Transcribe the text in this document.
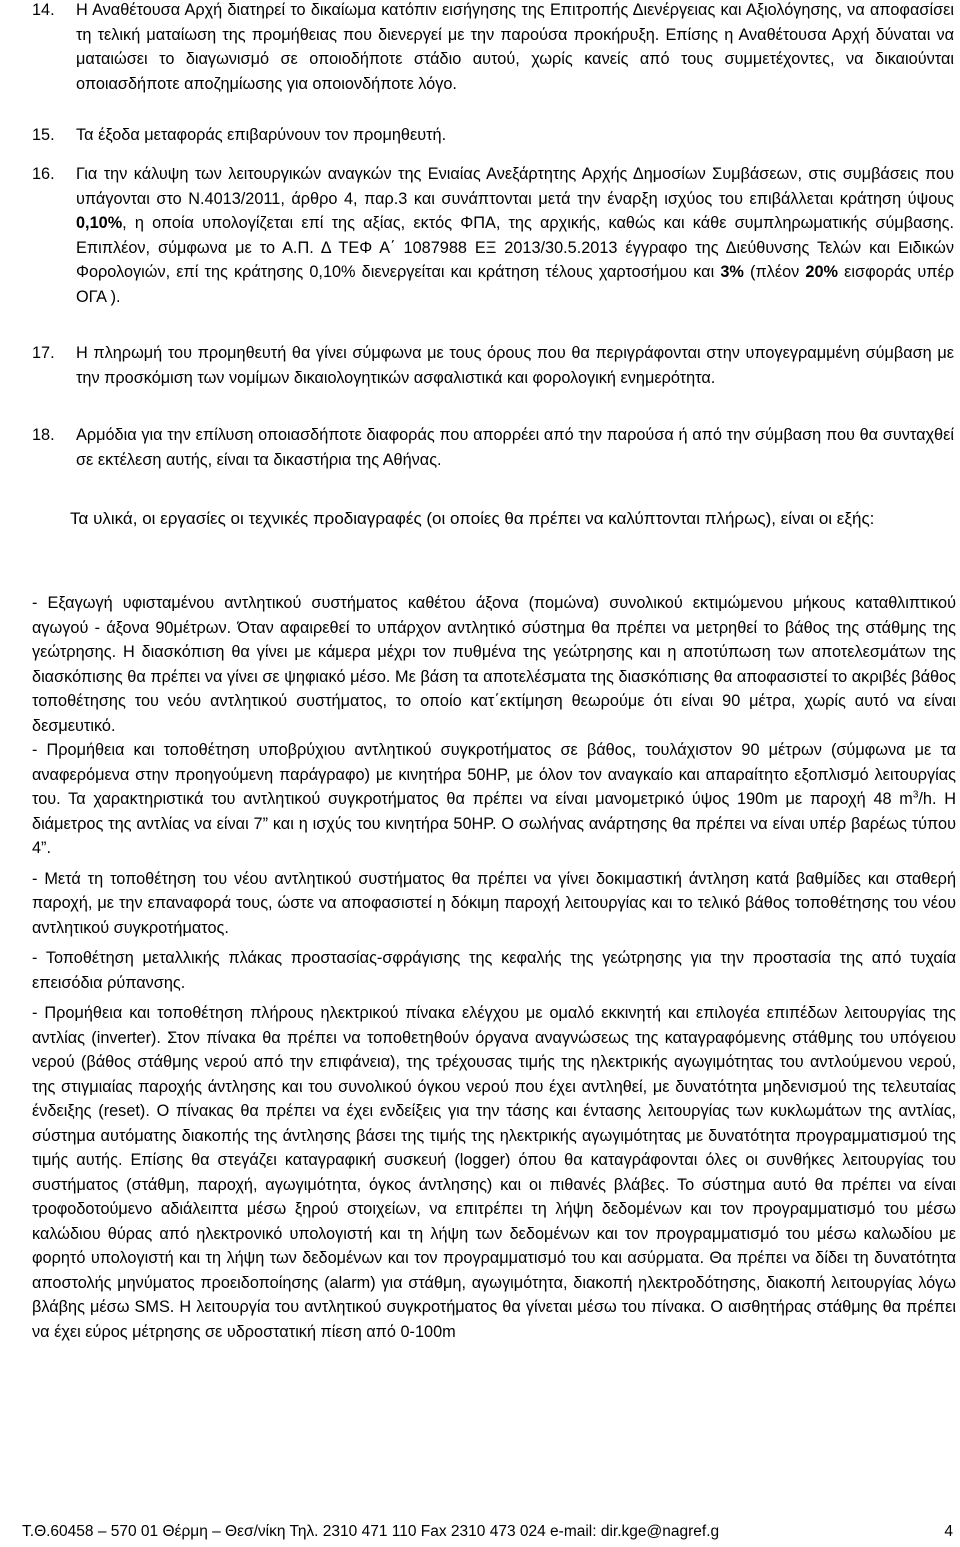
14.	Η Αναθέτουσα Αρχή διατηρεί το δικαίωμα κατόπιν εισήγησης της Επιτροπής Διενέργειας και Αξιολόγησης, να αποφασίσει τη τελική ματαίωση της προμήθειας που διενεργεί με την παρούσα προκήρυξη. Επίσης η Αναθέτουσα Αρχή δύναται να ματαιώσει το διαγωνισμό σε οποιοδήποτε στάδιο αυτού, χωρίς κανείς από τους συμμετέχοντες, να δικαιούνται οποιασδήποτε αποζημίωσης για οποιονδήποτε λόγο.
15.	Τα έξοδα μεταφοράς επιβαρύνουν τον προμηθευτή.
16.	Για την κάλυψη των λειτουργικών αναγκών της Ενιαίας Ανεξάρτητης Αρχής Δημοσίων Συμβάσεων, στις συμβάσεις που υπάγονται στο Ν.4013/2011, άρθρο 4, παρ.3 και συνάπτονται μετά την έναρξη ισχύος του επιβάλλεται κράτηση ύψους 0,10%, η οποία υπολογίζεται επί της αξίας, εκτός ΦΠΑ, της αρχικής, καθώς και κάθε συμπληρωματικής σύμβασης. Επιπλέον, σύμφωνα με το Α.Π. Δ ΤΕΦ Α΄ 1087988 ΕΞ 2013/30.5.2013 έγγραφο της Διεύθυνσης Τελών και Ειδικών Φορολογιών, επί της κράτησης 0,10% διενεργείται και κράτηση τέλους χαρτοσήμου και 3% (πλέον 20% εισφοράς υπέρ ΟΓΑ ).
17.	Η πληρωμή του προμηθευτή θα γίνει σύμφωνα με τους όρους που θα περιγράφονται στην υπογεγραμμένη σύμβαση με την προσκόμιση των νομίμων δικαιολογητικών ασφαλιστικά και φορολογική ενημερότητα.
18.	Αρμόδια για την επίλυση οποιασδήποτε διαφοράς που απορρέει από την παρούσα ή από την σύμβαση που θα συνταχθεί σε εκτέλεση αυτής, είναι τα δικαστήρια της Αθήνας.
Τα υλικά, οι εργασίες οι τεχνικές προδιαγραφές (οι οποίες θα πρέπει να καλύπτονται πλήρως), είναι οι εξής:

- Εξαγωγή υφισταμένου αντλητικού συστήματος καθέτου άξονα (πομώνα) συνολικού εκτιμώμενου μήκους καταθλιπτικού αγωγού - άξονα 90μέτρων. Όταν αφαιρεθεί το υπάρχον αντλητικό σύστημα θα πρέπει να μετρηθεί το βάθος της στάθμης της γεώτρησης. Η διασκόπιση θα γίνει με κάμερα μέχρι τον πυθμένα της γεώτρησης και η αποτύπωση των αποτελεσμάτων της διασκόπισης θα πρέπει να γίνει σε ψηφιακό μέσο. Με βάση τα αποτελέσματα της διασκόπισης θα αποφασιστεί το ακριβές βάθος τοποθέτησης του νεόυ αντλητικού συστήματος, το οποίο κατ΄εκτίμηση θεωρούμε ότι είναι 90 μέτρα, χωρίς αυτό να είναι δεσμευτικό.

- Προμήθεια και τοποθέτηση υποβρύχιου αντλητικού συγκροτήματος σε βάθος, τουλάχιστον 90 μέτρων (σύμφωνα με τα αναφερόμενα στην προηγούμενη παράγραφο) με κινητήρα 50HP, με όλον τον αναγκαίο και απαραίτητο εξοπλισμό λειτουργίας του. Τα χαρακτηριστικά του αντλητικού συγκροτήματος θα πρέπει να είναι μανομετρικό ύψος 190m με παροχή 48 $m^3/h$. Η διάμετρος της αντλίας να είναι 7” και η ισχύς του κινητήρα 50HP. Ο σωλήνας ανάρτησης θα πρέπει να είναι υπέρ βαρέως τύπου 4”.

- Μετά τη τοποθέτηση του νέου αντλητικού συστήματος θα πρέπει να γίνει δοκιμαστική άντληση κατά βαθμίδες και σταθερή παροχή, με την επαναφορά τους, ώστε να αποφασιστεί η δόκιμη παροχή λειτουργίας και το τελικό βάθος τοποθέτησης του νέου αντλητικού συγκροτήματος.

- Τοποθέτηση μεταλλικής πλάκας προστασίας-σφράγισης της κεφαλής της γεώτρησης για την προστασία της από τυχαία επεισόδια ρύπανσης.

- Προμήθεια και τοποθέτηση πλήρους ηλεκτρικού πίνακα ελέγχου με ομαλό εκκινητή και επιλογέα επιπέδων λειτουργίας της αντλίας (inverter). Στον πίνακα θα πρέπει να τοποθετηθούν όργανα αναγνώσεως της καταγραφόμενης στάθμης του υπόγειου νερού (βάθος στάθμης νερού από την επιφάνεια), της τρέχουσας τιμής της ηλεκτρικής αγωγιμότητας του αντλούμενου νερού, της στιγμιαίας παροχής άντλησης και του συνολικού όγκου νερού που έχει αντληθεί, με δυνατότητα μηδενισμού της τελευταίας ένδειξης (reset). Ο πίνακας θα πρέπει να έχει ενδείξεις για την τάσης και έντασης λειτουργίας των κυκλωμάτων της αντλίας, σύστημα αυτόματης διακοπής της άντλησης βάσει της τιμής της ηλεκτρικής αγωγιμότητας με δυνατότητα προγραμματισμού της τιμής αυτής. Επίσης θα στεγάζει καταγραφική συσκευή (logger) όπου θα καταγράφονται όλες οι συνθήκες λειτουργίας του συστήματος (στάθμη, παροχή, αγωγιμότητα, όγκος άντλησης) και οι πιθανές βλάβες. Το σύστημα αυτό θα πρέπει να είναι τροφοδοτούμενο αδιάλειπτα μέσω ξηρού στοιχείων, να επιτρέπει τη λήψη δεδομένων και τον προγραμματισμό του μέσω καλώδιου θύρας από ηλεκτρονικό υπολογιστή και τη λήψη των δεδομένων και τον προγραμματισμό του μέσω καλωδίου με φορητό υπολογιστή και τη λήψη των δεδομένων και τον προγραμματισμό του και ασύρματα. Θα πρέπει να δίδει τη δυνατότητα αποστολής μηνύματος προειδοποίησης (alarm) για στάθμη, αγωγιμότητα, διακοπή ηλεκτροδότησης, διακοπή λειτουργίας λόγω βλάβης μέσω SMS. Η λειτουργία του αντλητικού συγκροτήματος θα γίνεται μέσω του πίνακα. Ο αισθητήρας στάθμης θα πρέπει να έχει εύρος μέτρησης σε υδροστατική πίεση από 0-100m

Τ.Θ.60458 – 570 01 Θέρμη – Θεσ/νίκη Τηλ. 2310 471 110 Fax 2310 473 024 e-mail: dir.kge@nagref.g	4
